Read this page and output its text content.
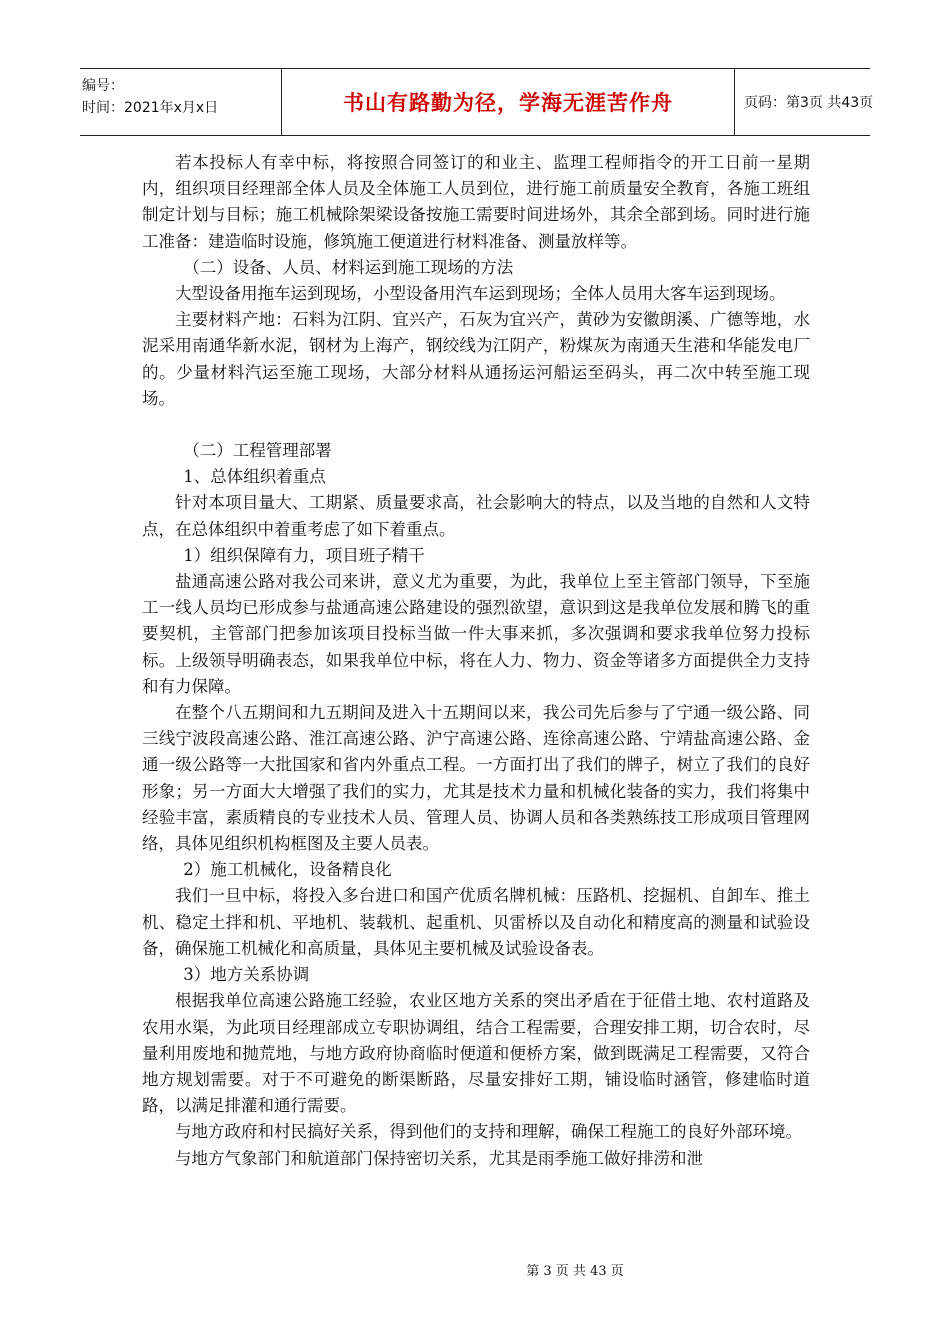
编号：
时间：2021年x月x日	书山有路勤为径，学海无涯苦作舟	页码：第3页 共43页

若本投标人有幸中标，将按照合同签订的和业主、监理工程师指令的开工日前一星期内，组织项目经理部全体人员及全体施工人员到位，进行施工前质量安全教育，各施工班组制定计划与目标；施工机械除架梁设备按施工需要时间进场外，其余全部到场。同时进行施工准备：建造临时设施，修筑施工便道进行材料准备、测量放样等。

（二）设备、人员、材料运到施工现场的方法

大型设备用拖车运到现场，小型设备用汽车运到现场；全体人员用大客车运到现场。

主要材料产地：石料为江阴、宜兴产，石灰为宜兴产，黄砂为安徽朗溪、广德等地，水泥采用南通华新水泥，钢材为上海产，钢绞线为江阴产，粉煤灰为南通天生港和华能发电厂的。少量材料汽运至施工现场，大部分材料从通扬运河船运至码头，再二次中转至施工现场。

（二）工程管理部署

1、总体组织着重点

针对本项目量大、工期紧、质量要求高，社会影响大的特点，以及当地的自然和人文特点，在总体组织中着重考虑了如下着重点。

1）组织保障有力，项目班子精干

盐通高速公路对我公司来讲，意义尤为重要，为此，我单位上至主管部门领导，下至施工一线人员均已形成参与盐通高速公路建设的强烈欲望，意识到这是我单位发展和腾飞的重要契机，主管部门把参加该项目投标当做一件大事来抓，多次强调和要求我单位努力投标标。上级领导明确表态，如果我单位中标，将在人力、物力、资金等诸多方面提供全力支持和有力保障。

在整个八五期间和九五期间及进入十五期间以来，我公司先后参与了宁通一级公路、同三线宁波段高速公路、淮江高速公路、沪宁高速公路、连徐高速公路、宁靖盐高速公路、金通一级公路等一大批国家和省内外重点工程。一方面打出了我们的牌子，树立了我们的良好形象；另一方面大大增强了我们的实力，尤其是技术力量和机械化装备的实力，我们将集中经验丰富，素质精良的专业技术人员、管理人员、协调人员和各类熟练技工形成项目管理网络，具体见组织机构框图及主要人员表。

2）施工机械化，设备精良化

我们一旦中标，将投入多台进口和国产优质名牌机械：压路机、挖掘机、自卸车、推土机、稳定土拌和机、平地机、装载机、起重机、贝雷桥以及自动化和精度高的测量和试验设备，确保施工机械化和高质量，具体见主要机械及试验设备表。

3）地方关系协调

根据我单位高速公路施工经验，农业区地方关系的突出矛盾在于征借土地、农村道路及农用水渠，为此项目经理部成立专职协调组，结合工程需要，合理安排工期，切合农时，尽量利用废地和抛荒地，与地方政府协商临时便道和便桥方案，做到既满足工程需要，又符合地方规划需要。对于不可避免的断渠断路，尽量安排好工期，铺设临时涵管，修建临时道路，以满足排灌和通行需要。

与地方政府和村民搞好关系，得到他们的支持和理解，确保工程施工的良好外部环境。

与地方气象部门和航道部门保持密切关系，尤其是雨季施工做好排涝和泄

第 3 页 共 43 页
